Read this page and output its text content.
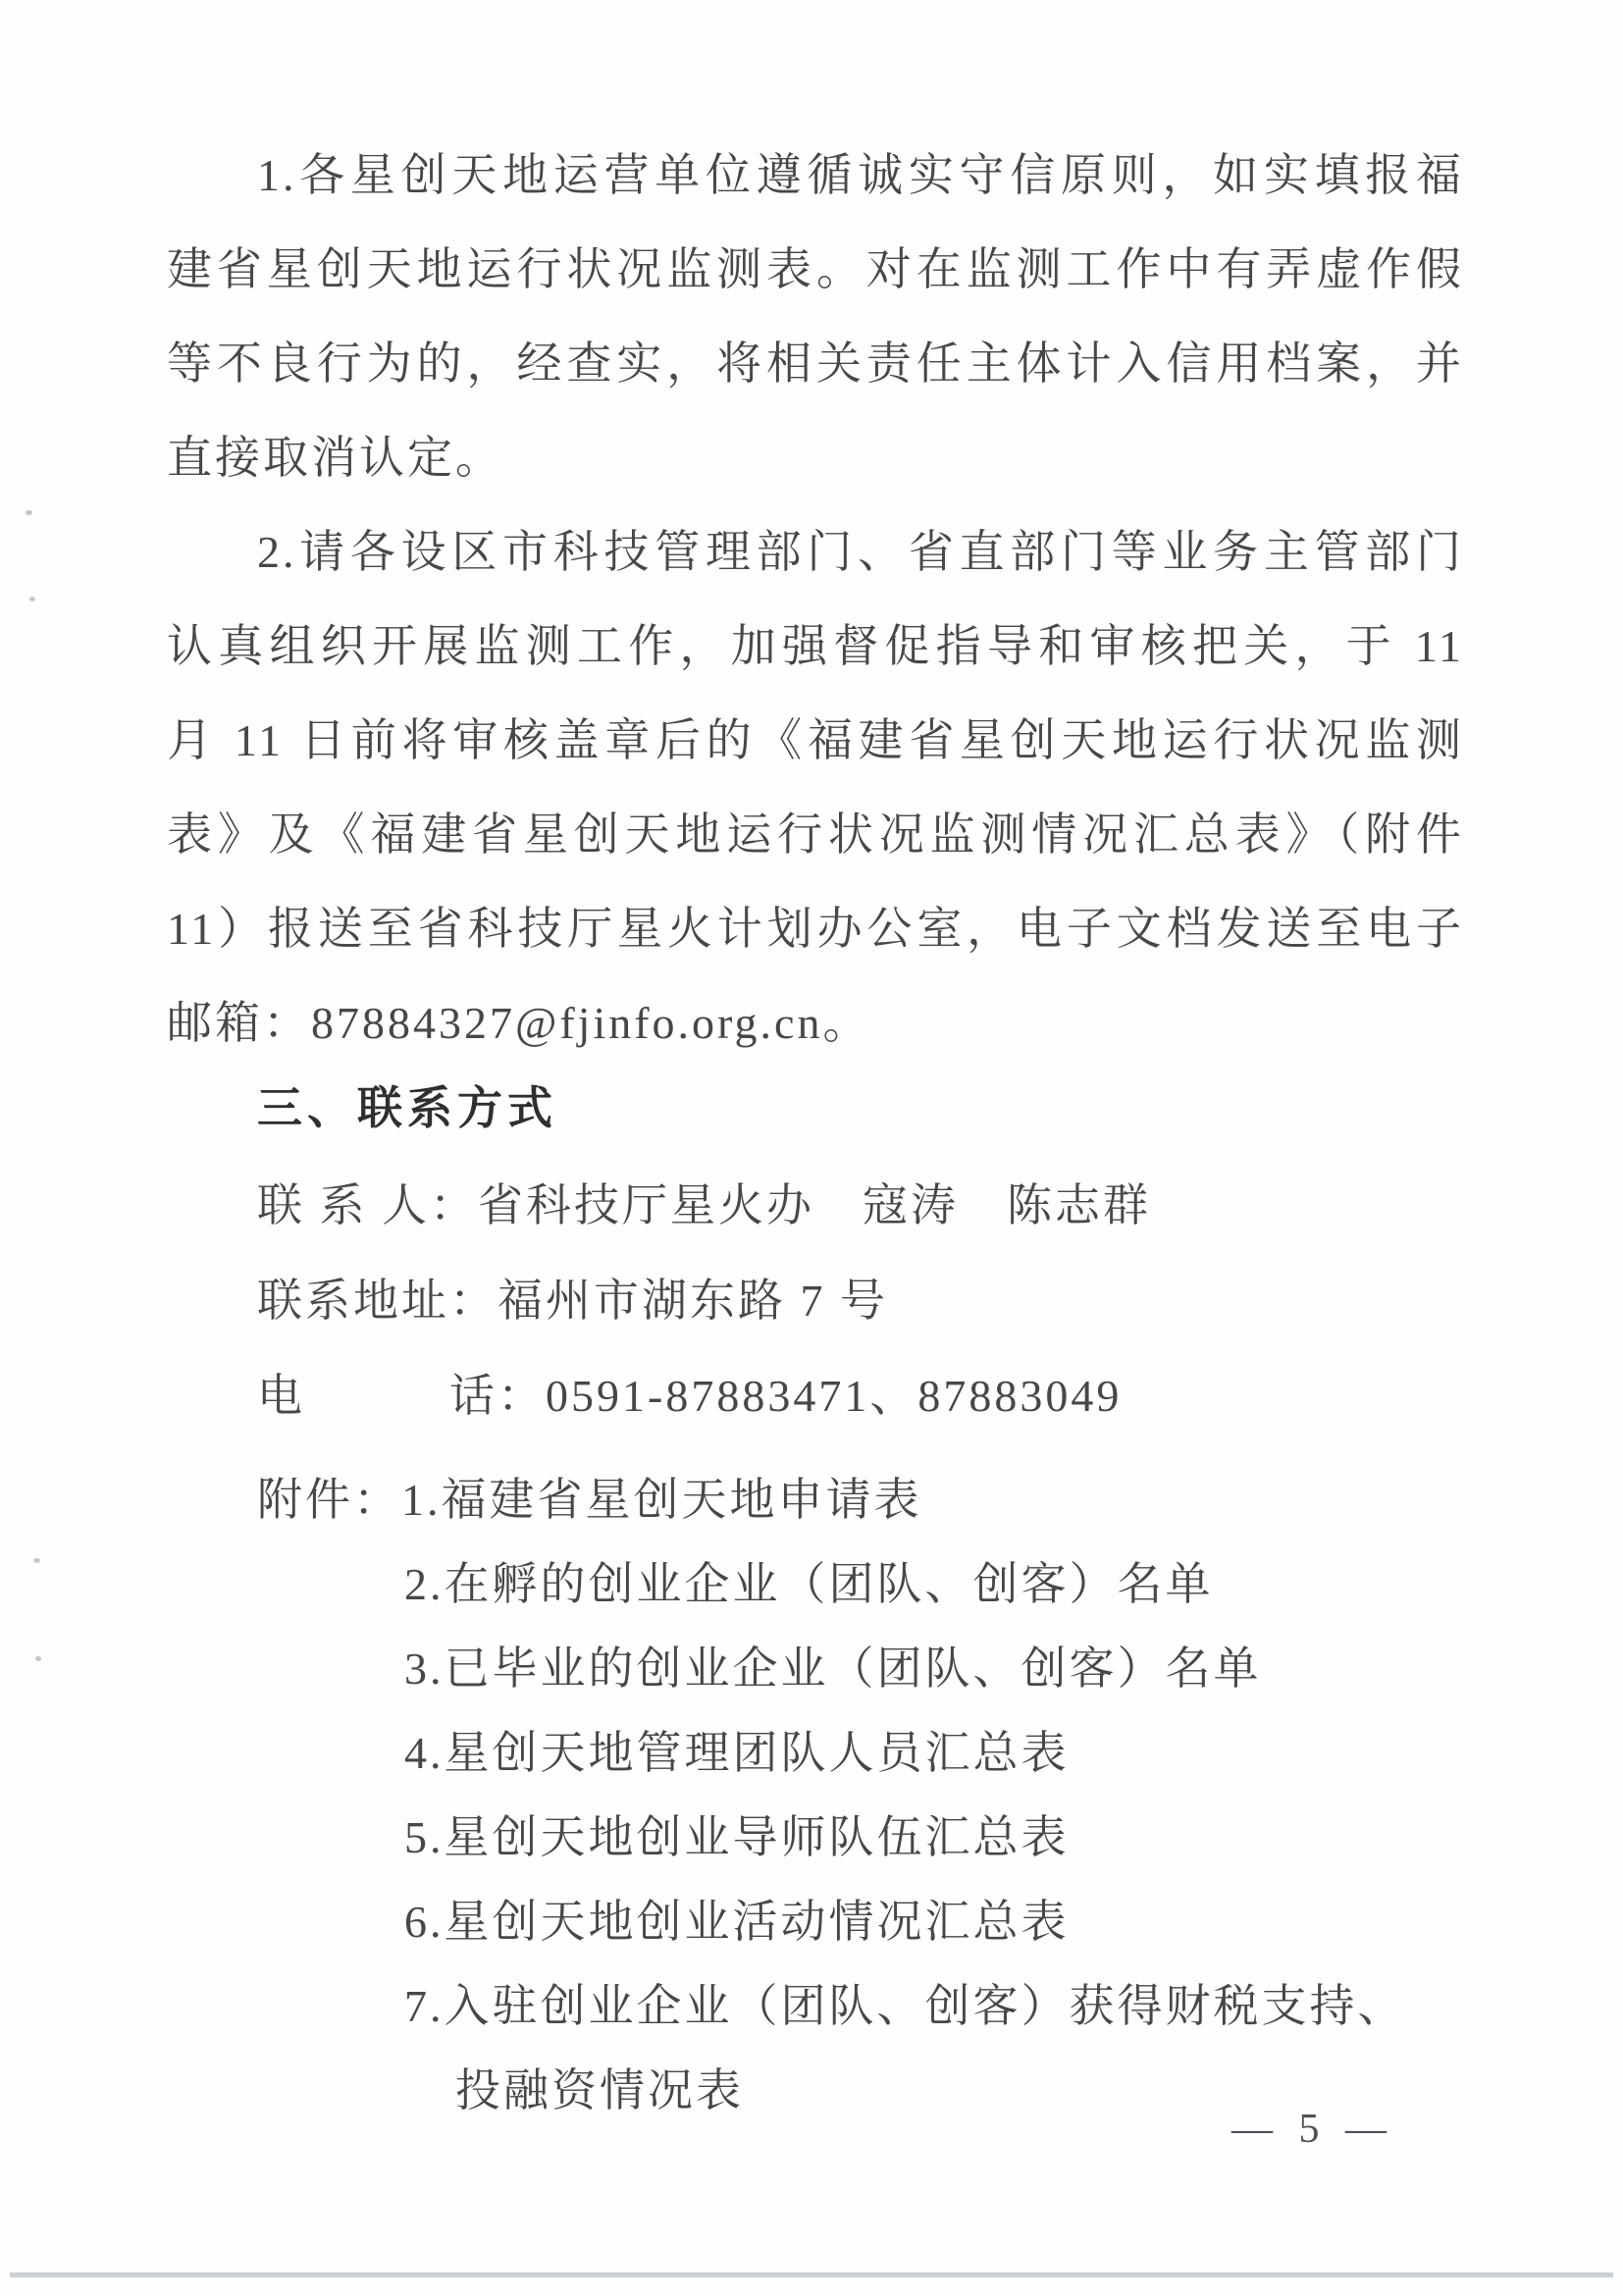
1.各星创天地运营单位遵循诚实守信原则，如实填报福
建省星创天地运行状况监测表。对在监测工作中有弄虚作假
等不良行为的，经查实，将相关责任主体计入信用档案，并
直接取消认定。
2.请各设区市科技管理部门、省直部门等业务主管部门
认真组织开展监测工作，加强督促指导和审核把关，于 11
月 11 日前将审核盖章后的《福建省星创天地运行状况监测
表》及《福建省星创天地运行状况监测情况汇总表》（附件
11）报送至省科技厅星火计划办公室，电子文档发送至电子
邮箱：87884327@fjinfo.org.cn。
三、联系方式
联 系 人：省科技厅星火办　寇涛　陈志群
联系地址：福州市湖东路 7 号
电　　　话：0591-87883471、87883049
附件：1.福建省星创天地申请表
2.在孵的创业企业（团队、创客）名单
3.已毕业的创业企业（团队、创客）名单
4.星创天地管理团队人员汇总表
5.星创天地创业导师队伍汇总表
6.星创天地创业活动情况汇总表
7.入驻创业企业（团队、创客）获得财税支持、
投融资情况表
— 5 —
